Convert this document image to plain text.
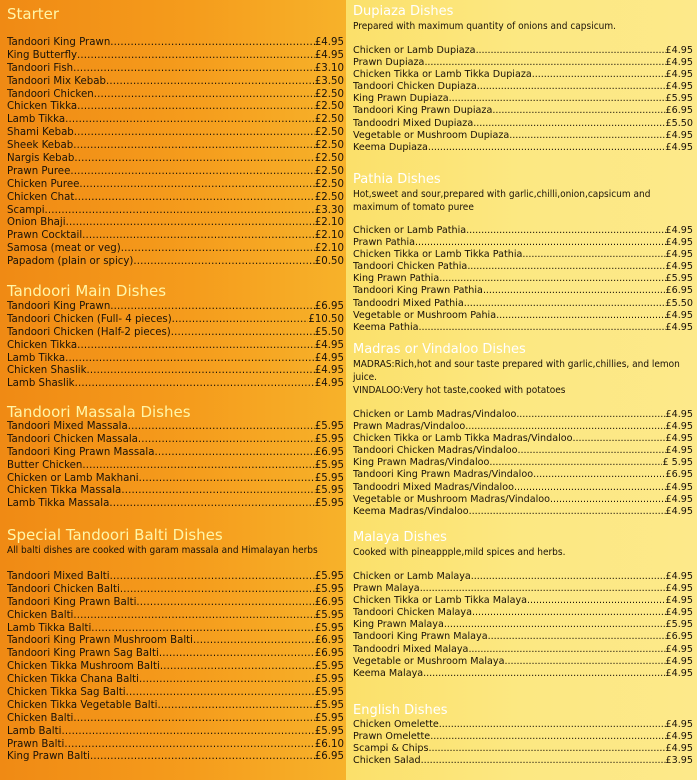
Starter
Tandoori King Prawn . . .	£4.95
King Butterfly . . .	£4.95
Tandoori Fish . . .	£3.10
Tandoori Mix Kebab . . .	£3.50
Tandoori Chicken . . .	£2.50
Chicken Tikka . . .	£2.50
Lamb Tikka . . .	£2.50
Shami Kebab . . .	£2.50
Sheek Kebab . . .	£2.50
Nargis Kebab . . .	£2.50
Prawn Puree . . .	£2.50
Chicken Puree . . .	£2.50
Chicken Chat . . .	£2.50
Scampi . . .	£3.30
Onion Bhaji . . .	£2.10
Prawn Cocktail . . .	£2.10
Samosa (meat or veg) . . .	£2.10
Papadom (plain or spicy) . . .	£0.50
Tandoori Main Dishes
Tandoori King Prawn . . .	£6.95
Tandoori Chicken (Full- 4 pieces) . . .	£10.50
Tandoori Chicken (Half-2 pieces) . . .	£5.50
Chicken Tikka . . .	£4.95
Lamb Tikka . . .	£4.95
Chicken Shaslik . . .	£4.95
Lamb Shaslik . . .	£4.95
Tandoori Massala Dishes
Tandoori Mixed Massala . . .	£5.95
Tandoori Chicken Massala . . .	£5.95
Tandoori King Prawn Massala . . .	£6.95
Butter Chicken . . .	£5.95
Chicken or Lamb Makhani . . .	£5.95
Chicken Tikka Massala . . .	£5.95
Lamb Tikka Massala . . .	£5.95
Special Tandoori Balti Dishes

All balti dishes are cooked with garam massala and Himalayan herbs

Tandoori Mixed Balti . . .	£5.95
Tandoori Chicken Balti . . .	£5.95
Tandoori King Prawn Balti . . .	£6.95
Chicken Balti . . .	£5.95
Lamb Tikka Balti . . .	£5.95
Tandoori King Prawn Mushroom Balti . . .	£6.95
Tandoori King Prawn Sag Balti . . .	£6.95
Chicken Tikka Mushroom Balti . . .	£5.95
Chicken Tikka Chana Balti . . .	£5.95
Chicken Tikka Sag Balti . . .	£5.95
Chicken Tikka Vegetable Balti . . .	£5.95
Chicken Balti . . .	£5.95
Lamb Balti . . .	£5.95
Prawn Balti . . .	£6.10
King Prawn Balti . . .	£6.95
Dupiaza Dishes

Prepared with maximum quantity of onions and capsicum.

Chicken or Lamb Dupiaza . . .	£4.95
Prawn Dupiaza . . .	£4.95
Chicken Tikka or Lamb Tikka Dupiaza . . .	£4.95
Tandoori Chicken Dupiaza . . .	£4.95
King Prawn Dupiaza . . .	£5.95
Tandoori King Prawn Dupiaza . . .	£6.95
Tandoodri Mixed Dupiaza . . .	£5.50
Vegetable or Mushroom Dupiaza . . .	£4.95
Keema Dupiaza . . .	£4.95
Pathia Dishes

Hot,sweet and sour,prepared with garlic,chilli,onion,capsicum and maximum of tomato puree

Chicken or Lamb Pathia . . .	£4.95
Prawn Pathia . . .	£4.95
Chicken Tikka or Lamb Tikka Pathia . . .	£4.95
Tandoori Chicken Pathia . . .	£4.95
King Prawn Pathia . . .	£5.95
Tandoori King Prawn Pathia . . .	£6.95
Tandoodri Mixed Pathia . . .	£5.50
Vegetable or Mushroom Pahia . . .	£4.95
Keema Pathia . . .	£4.95
Madras or Vindaloo Dishes

MADRAS:Rich,hot and sour taste prepared with garlic,chillies, and lemon juice.

VINDALOO:Very hot taste,cooked with potatoes

Chicken or Lamb Madras/Vindaloo . . .	£4.95
Prawn Madras/Vindaloo . . .	£4.95
Chicken Tikka or Lamb Tikka Madras/Vindaloo . . .	£4.95
Tandoori Chicken Madras/Vindaloo . . .	£4.95
King Prawn Madras/Vindaloo . . .	£ 5.95
Tandoori King Prawn Madras/Vindaloo . . .	£6.95
Tandoodri Mixed Madras/Vindaloo . . .	£4.95
Vegetable or Mushroom Madras/Vindaloo . . .	£4.95
Keema Madras/Vindaloo . . .	£4.95
Malaya Dishes

Cooked with pineappple,mild spices and herbs.

Chicken or Lamb Malaya . . .	£4.95
Prawn Malaya . . .	£4.95
Chicken Tikka or Lamb Tikka Malaya . . .	£4.95
Tandoori Chicken Malaya . . .	£4.95
King Prawn Malaya . . .	£5.95
Tandoori King Prawn Malaya . . .	£6.95
Tandoodri Mixed Malaya . . .	£4.95
Vegetable or Mushroom Malaya . . .	£4.95
Keema Malaya . . .	£4.95
English Dishes
Chicken Omelette . . .	£4.95
Prawn Omelette . . .	£4.95
Scampi & Chips . . .	£4.95
Chicken Salad . . .	£3.95
